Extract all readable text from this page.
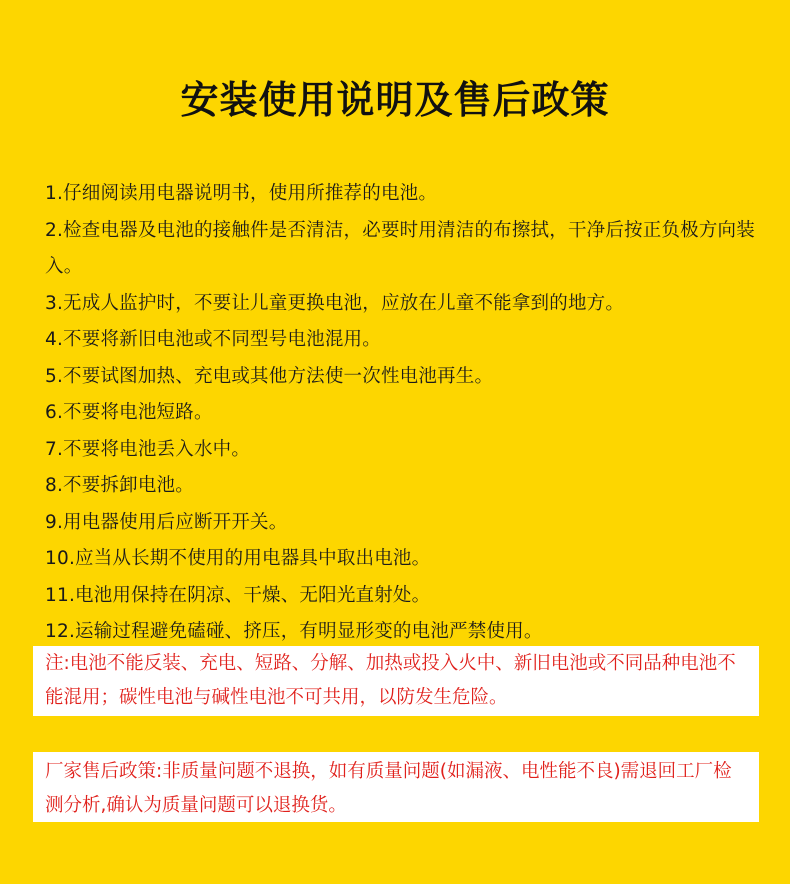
安装使用说明及售后政策
1.仔细阅读用电器说明书，使用所推荐的电池。
2.检查电器及电池的接触件是否清洁，必要时用清洁的布擦拭，干净后按正负极方向装入。
3.无成人监护时，不要让儿童更换电池，应放在儿童不能拿到的地方。
4.不要将新旧电池或不同型号电池混用。
5.不要试图加热、充电或其他方法使一次性电池再生。
6.不要将电池短路。
7.不要将电池丢入水中。
8.不要拆卸电池。
9.用电器使用后应断开开关。
10.应当从长期不使用的用电器具中取出电池。
11.电池用保持在阴凉、干燥、无阳光直射处。
12.运输过程避免磕碰、挤压，有明显形变的电池严禁使用。
注:电池不能反装、充电、短路、分解、加热或投入火中、新旧电池或不同品种电池不能混用；碳性电池与碱性电池不可共用，以防发生危险。
厂家售后政策:非质量问题不退换，如有质量问题(如漏液、电性能不良)需退回工厂检测分析,确认为质量问题可以退换货。
